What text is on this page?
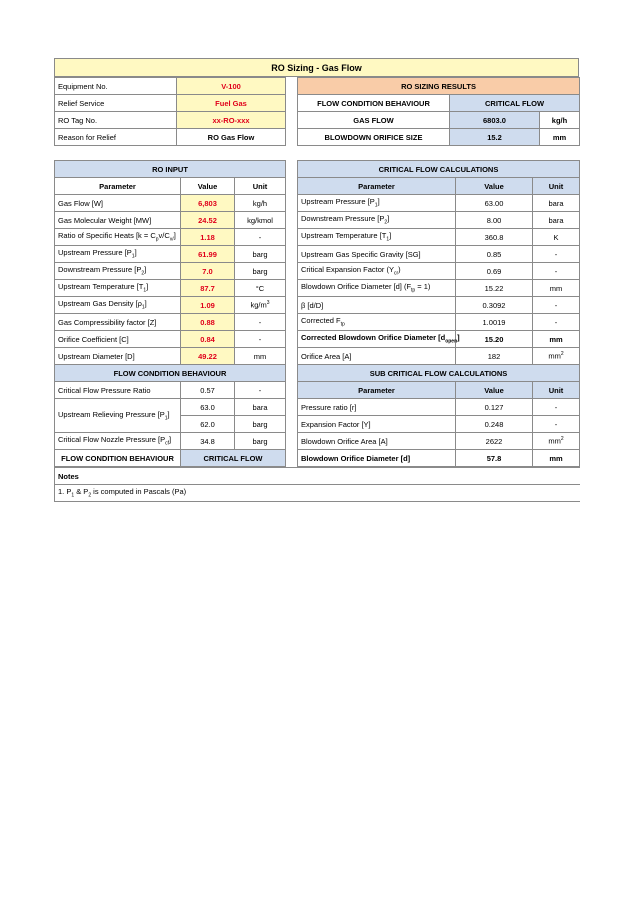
RO Sizing - Gas Flow
Equipment No.	V-100
Relief Service	Fuel Gas
RO Tag No.	xx-RO-xxx
Reason for Relief	RO Gas Flow
RO SIZING RESULTS		
FLOW CONDITION BEHAVIOUR	CRITICAL FLOW	
GAS FLOW	6803.0	kg/h
BLOWDOWN ORIFICE SIZE	15.2	mm
RO INPUT		
Parameter	Value	Unit
Gas Flow [W]	6,803	kg/h
Gas Molecular Weight [MW]	24.52	kg/kmol
Ratio of Specific Heats $[k = C_pv/C_{v/}]$	1.18	-
Upstream Pressure $[P_1]$	61.99	barg
Downstream Pressure $[P_2]$	7.0	barg
Upstream Temperature $[T_1]$	87.7	°C
Upstream Gas Density $[\rho_1]$	1.09	$kg/m^3$
Gas Compressibility factor [Z]	0.88	-
Orifice Coefficient [C]	0.84	-
Upstream Diameter [D]	49.22	mm
FLOW CONDITION BEHAVIOUR		
Critical Flow Pressure Ratio	0.57	-
Upstream Relieving Pressure $[P_1]$	63.0	bara
	62.0	barg
Critical Flow Nozzle Pressure $[P_{cf}]$	34.8	barg
FLOW CONDITION BEHAVIOUR	CRITICAL FLOW	
CRITICAL FLOW CALCULATIONS		
Parameter	Value	Unit
Upstream Pressure $[P_1]$	63.00	bara
Downstream Pressure $[P_2]$	8.00	bara
Upstream Temperature $[T_1]$	360.8	K
Upstream Gas Specific Gravity [SG]	0.85	-
Critical Expansion Factor $(Y_{cr})$	0.69	-
Blowdown Orifice Diameter [d] $(F_{tp} = 1)$	15.22	mm
β [d/D]	0.3092	-
Corrected $F_{tp}$	1.0019	-
Corrected Blowdown Orifice Diameter $[d_{open}]$	15.20	mm
Orifice Area [A]	182	$mm^2$
SUB CRITICAL FLOW CALCULATIONS		
Parameter	Value	Unit
Pressure ratio [r]	0.127	-
Expansion Factor [Y]	0.248	-
Blowdown Orifice Area [A]	2622	$mm^2$
Blowdown Orifice Diameter [d]	57.8	mm
Notes
1. $P_1$ & $P_2$ is computed in Pascals (Pa)
